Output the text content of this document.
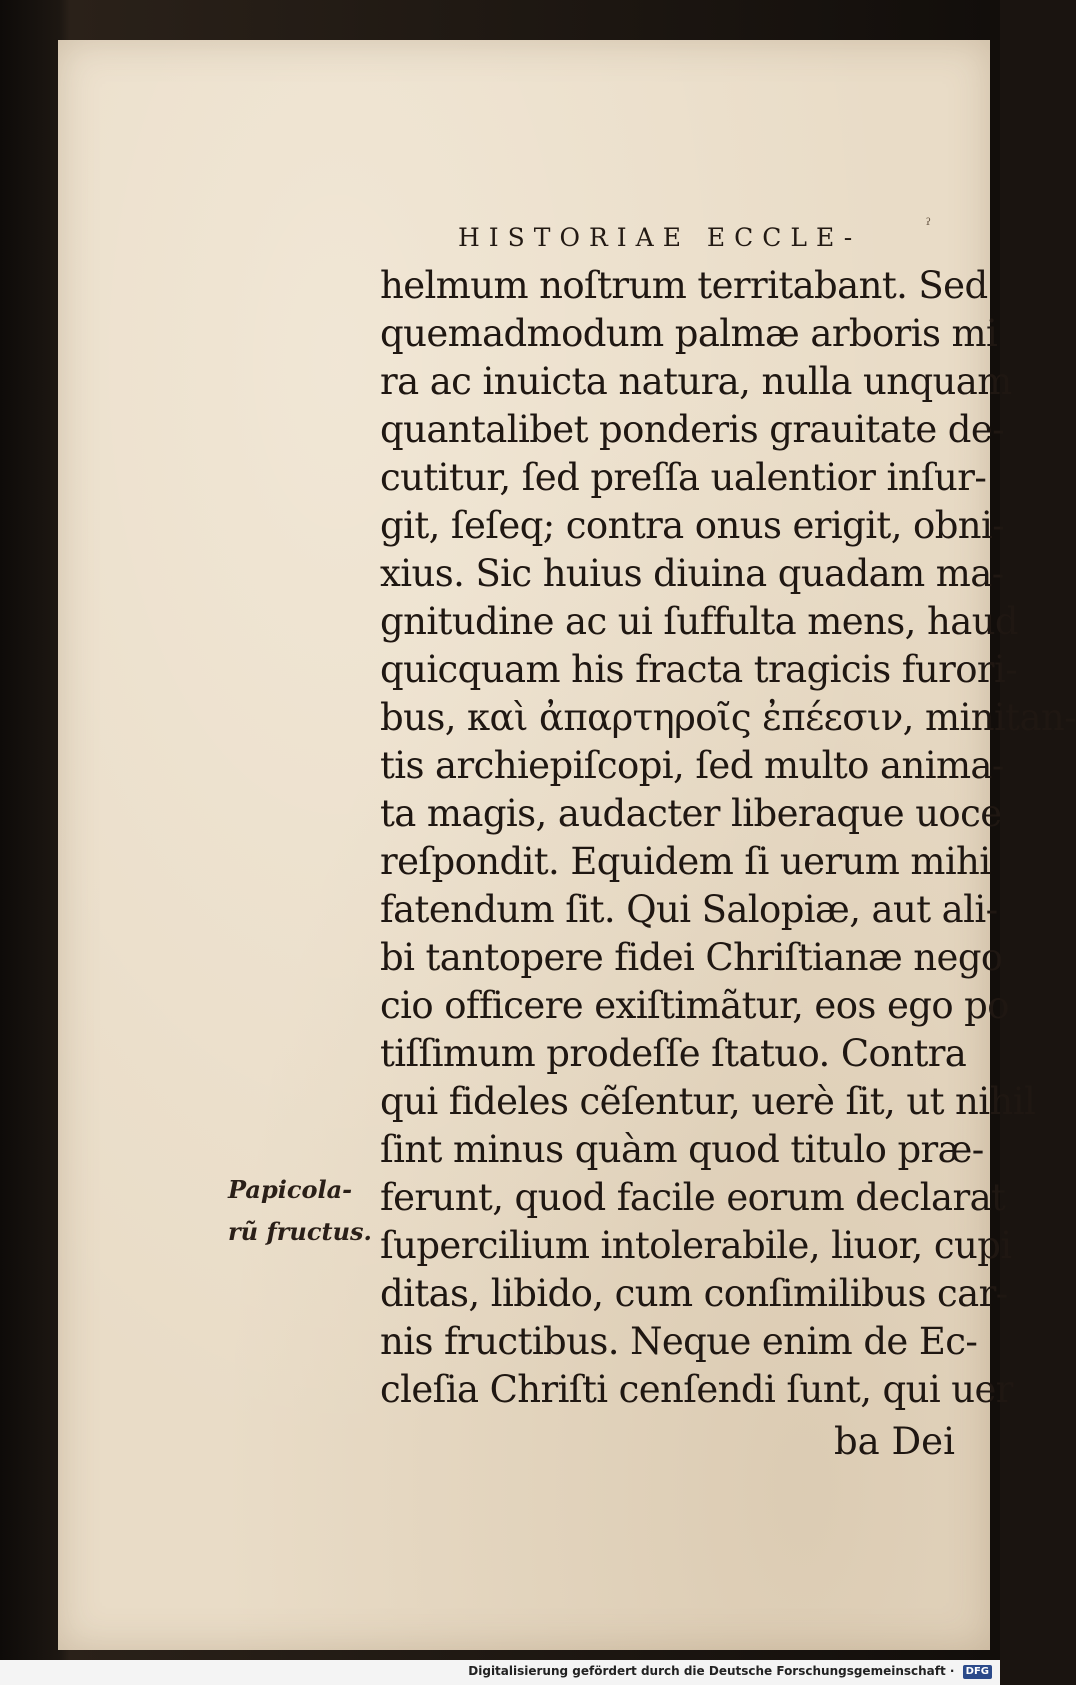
ˀ
HISTORIAE ECCLE-
helmum noſtrum territabant. Sed
quemadmodum palmæ arboris mi
ra ac inuicta natura, nulla unquam
quantalibet ponderis grauitate de-
cutitur, ſed preſſa ualentior inſur-
git, ſeſeq; contra onus erigit, obni-
xius. Sic huius diuina quadam ma-
gnitudine ac ui ſuffulta mens, haud
quicquam his fracta tragicis furori-
bus, καὶ ἀπαρτηροῖς ἐπέεσιν, minitan-
tis archiepiſcopi, ſed multo anima-
ta magis, audacter liberaque uoce
reſpondit. Equidem ſi uerum mihi
fatendum ſit. Qui Salopiæ, aut ali-
bi tantopere fidei Chriſtianæ nego
cio officere exiſtimãtur, eos ego po
tiſſimum prodeſſe ſtatuo. Contra
qui fideles cẽſentur, uerè ſit, ut nihil
ſint minus quàm quod titulo præ-
ferunt, quod facile eorum declarat
ſupercilium intolerabile, liuor, cupi
ditas, libido, cum conſimilibus car-
nis fructibus. Neque enim de Ec-
cleſia Chriſti cenſendi ſunt, qui uer
ba Dei
Papicola-
rũ fructus.
Digitalisierung gefördert durch die Deutsche Forschungsgemeinschaft · DFG
